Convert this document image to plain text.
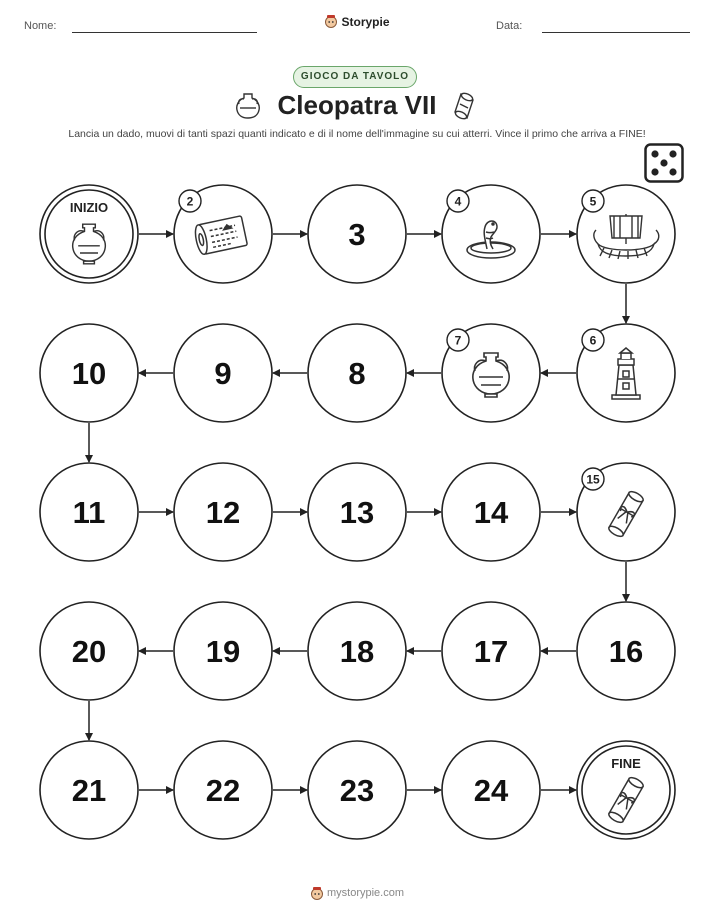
Nome:	Data:
Storypie
GIOCO DA TAVOLO
Cleopatra VII
Lancia un dado, muovi di tanti spazi quanti indicato e di il nome dell'immagine su cui atterri. Vince il primo che arriva a FINE!
INIZIO	2
3
4	5
6
7
8
9
10
11	12	13	14
15
16
17
18
19
20
21	22	23	24
FINE
mystorypie.com
